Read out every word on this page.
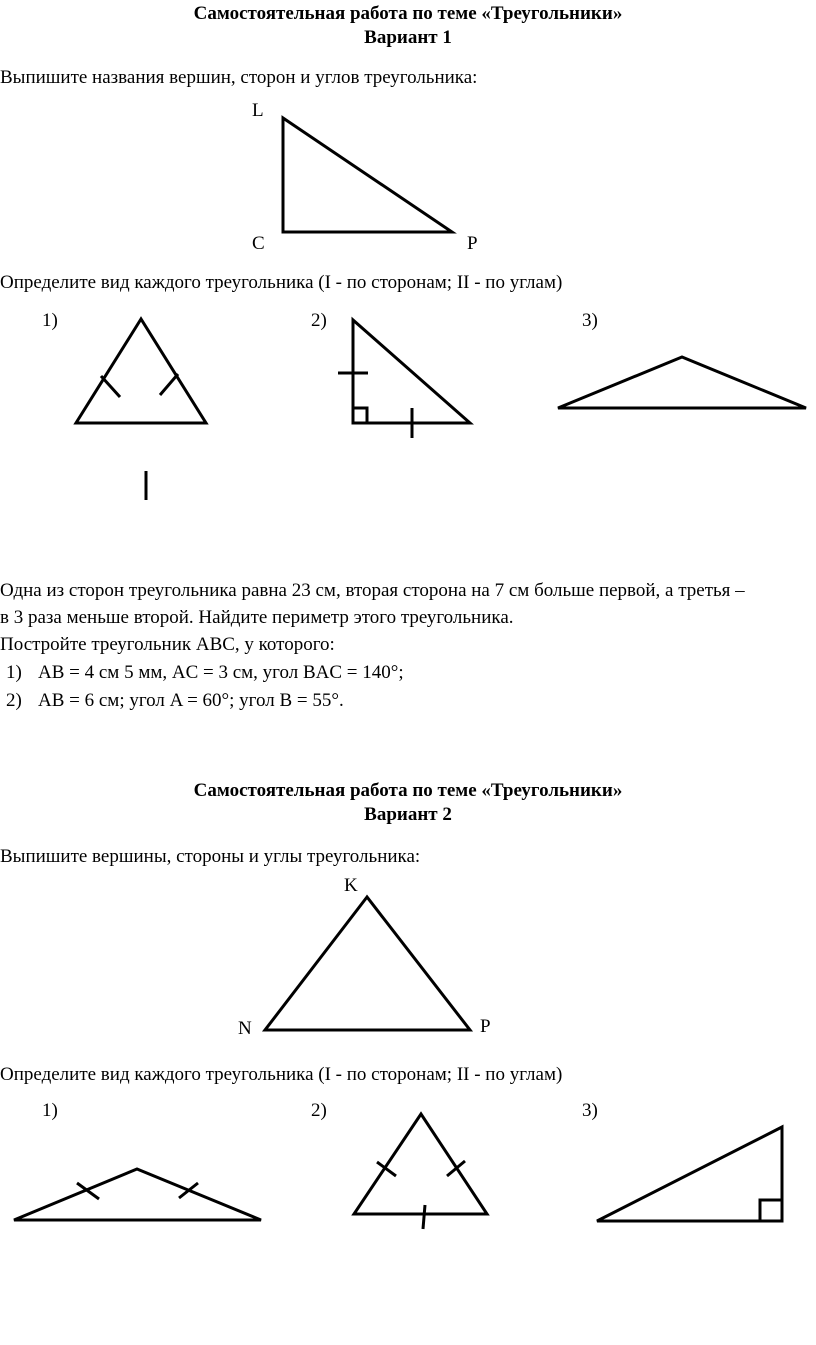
Самостоятельная работа по теме «Треугольники»
Вариант 1
Выпишите названия вершин, сторон и углов треугольника:
L
C	P
Определите вид каждого треугольника (I - по сторонам; II - по углам)
1)	2)	3)
Одна из сторон треугольника равна 23 см, вторая сторона на 7 см больше первой, а третья –
в 3 раза меньше второй. Найдите периметр этого треугольника.
Постройте треугольник ABC, у которого:
1) AB = 4 см 5 мм, AC = 3 см, угол BAC = 140°;
2) AB = 6 см; угол A = 60°; угол B = 55°.
Самостоятельная работа по теме «Треугольники»
Вариант 2
Выпишите вершины, стороны и углы треугольника:
K
N	P
Определите вид каждого треугольника (I - по сторонам; II - по углам)
1)	2)	3)
